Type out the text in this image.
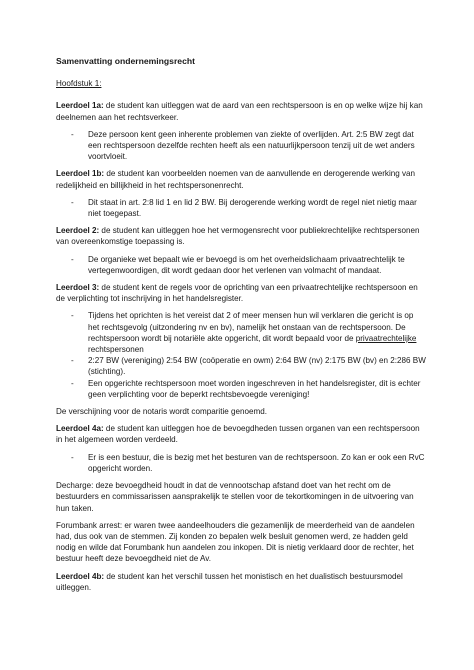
Samenvatting ondernemingsrecht
Hoofdstuk 1:
Leerdoel 1a: de student kan uitleggen wat de aard van een rechtspersoon is en op welke wijze hij kan deelnemen aan het rechtsverkeer.
- Deze persoon kent geen inherente problemen van ziekte of overlijden. Art. 2:5 BW zegt dat een rechtspersoon dezelfde rechten heeft als een natuurlijkpersoon tenzij uit de wet anders voortvloeit.
Leerdoel 1b: de student kan voorbeelden noemen van de aanvullende en derogerende werking van redelijkheid en billijkheid in het rechtspersonenrecht.
- Dit staat in art. 2:8 lid 1 en lid 2 BW. Bij derogerende werking wordt de regel niet nietig maar niet toegepast.
Leerdoel 2: de student kan uitleggen hoe het vermogensrecht voor publiekrechtelijke rechtspersonen van overeenkomstige toepassing is.
- De organieke wet bepaalt wie er bevoegd is om het overheidslichaam privaatrechtelijk te vertegenwoordigen, dit wordt gedaan door het verlenen van volmacht of mandaat.
Leerdoel 3: de student kent de regels voor de oprichting van een privaatrechtelijke rechtspersoon en de verplichting tot inschrijving in het handelsregister.
- Tijdens het oprichten is het vereist dat 2 of meer mensen hun wil verklaren die gericht is op het rechtsgevolg (uitzondering nv en bv), namelijk het onstaan van de rechtspersoon. De rechtspersoon wordt bij notariële akte opgericht, dit wordt bepaald voor de privaatrechtelijke rechtspersonen
- 2:27 BW (vereniging) 2:54 BW (coöperatie en owm) 2:64 BW (nv) 2:175 BW (bv) en 2:286 BW (stichting).
- Een opgerichte rechtspersoon moet worden ingeschreven in het handelsregister, dit is echter geen verplichting voor de beperkt rechtsbevoegde vereniging!
De verschijning voor de notaris wordt comparitie genoemd.
Leerdoel 4a: de student kan uitleggen hoe de bevoegdheden tussen organen van een rechtspersoon in het algemeen worden verdeeld.
- Er is een bestuur, die is bezig met het besturen van de rechtspersoon. Zo kan er ook een RvC opgericht worden.
Decharge: deze bevoegdheid houdt in dat de vennootschap afstand doet van het recht om de bestuurders en commissarissen aansprakelijk te stellen voor de tekortkomingen in de uitvoering van hun taken.
Forumbank arrest: er waren twee aandeelhouders die gezamenlijk de meerderheid van de aandelen had, dus ook van de stemmen. Zij konden zo bepalen welk besluit genomen werd, ze hadden geld nodig en wilde dat Forumbank hun aandelen zou inkopen. Dit is nietig verklaard door de rechter, het bestuur heeft deze bevoegdheid niet de Av.
Leerdoel 4b: de student kan het verschil tussen het monistisch en het dualistisch bestuursmodel uitleggen.
